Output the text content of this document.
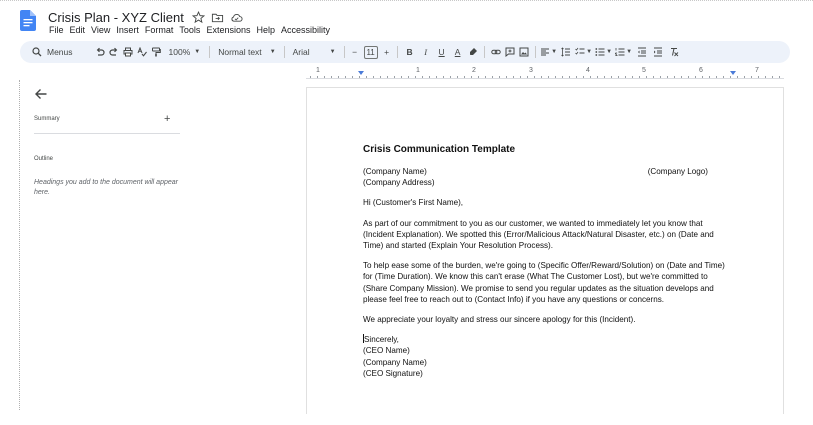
Crisis Plan - XYZ Client
File Edit View Insert Format Tools Extensions Help Accessibility
Menus	100% ▼ Normal text ▼ Arial	▼	−	11	+	B	I	U	A	▼	▼ ▼ ▼
1	1	2	3	4	5	6	7
Summary	+
Outline
Headings you add to the document will appear here.
Crisis Communication Template
(Company Name)	(Company Logo)
(Company Address)
Hi (Customer's First Name),
As part of our commitment to you as our customer, we wanted to immediately let you know that (Incident Explanation). We spotted this (Error/Malicious Attack/Natural Disaster, etc.) on (Date and Time) and started (Explain Your Resolution Process).
To help ease some of the burden, we're going to (Specific Offer/Reward/Solution) on (Date and Time) for (Time Duration). We know this can't erase (What The Customer Lost), but we're committed to (Share Company Mission). We promise to send you regular updates as the situation develops and please feel free to reach out to (Contact Info) if you have any questions or concerns.
We appreciate your loyalty and stress our sincere apology for this (Incident).
Sincerely,
(CEO Name)
(Company Name)
(CEO Signature)
